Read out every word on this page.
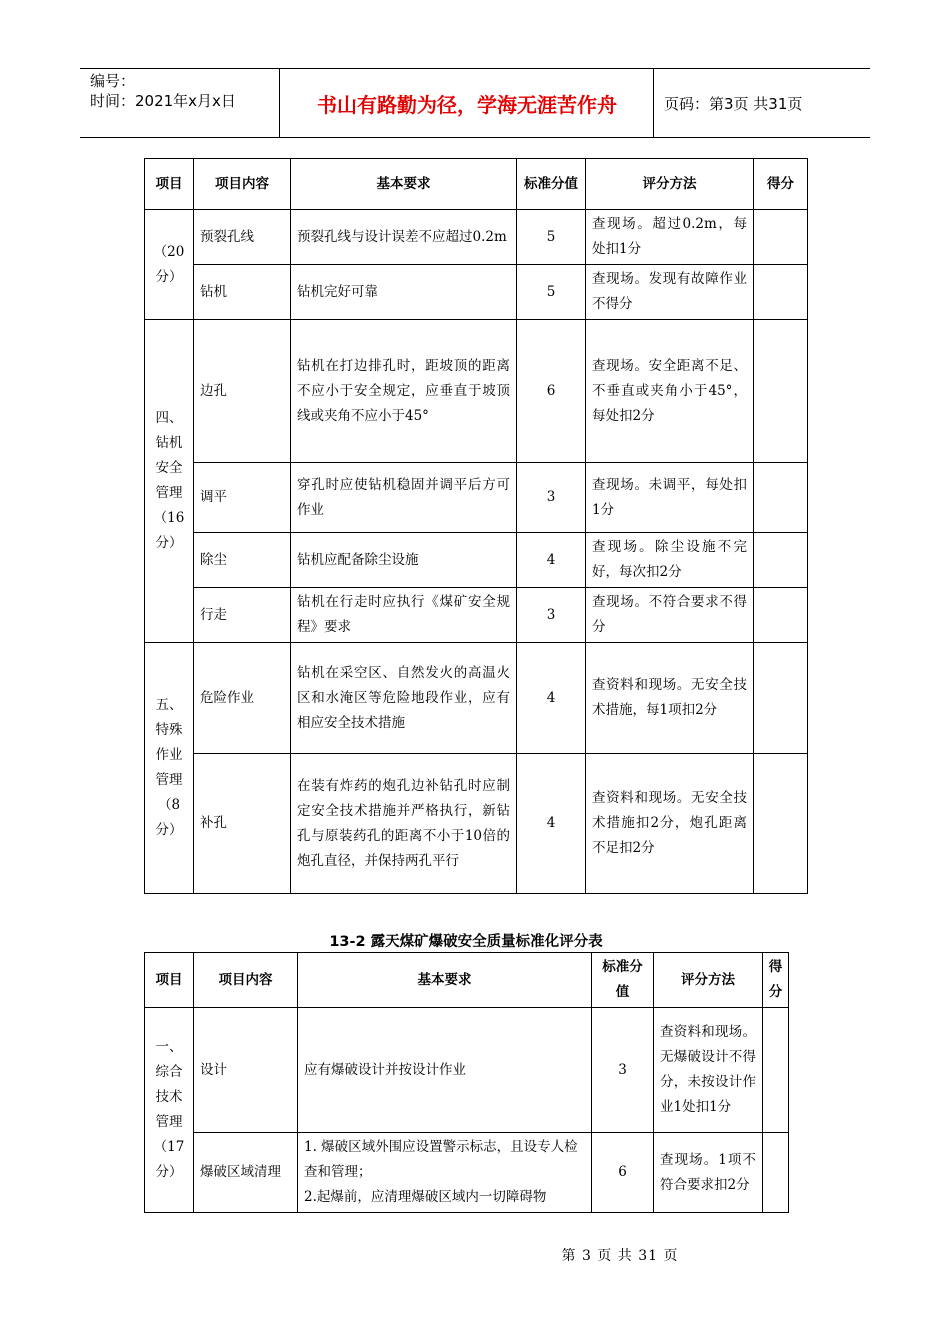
编号：
时间：2021年x月x日	书山有路勤为径，学海无涯苦作舟	页码：第3页 共31页
项目	项目内容	基本要求	标准分值	评分方法	得分
（20分）	预裂孔线	预裂孔线与设计误差不应超过0.2m	5	查现场。超过0.2m，每处扣1分	
	钻机	钻机完好可靠	5	查现场。发现有故障作业不得分	
四、钻机安全管理（16分）	边孔	钻机在打边排孔时，距坡顶的距离不应小于安全规定，应垂直于坡顶线或夹角不应小于45°	6	查现场。安全距离不足、不垂直或夹角小于45°，每处扣2分	
	调平	穿孔时应使钻机稳固并调平后方可作业	3	查现场。未调平，每处扣1分	
	除尘	钻机应配备除尘设施	4	查现场。除尘设施不完好，每次扣2分	
	行走	钻机在行走时应执行《煤矿安全规程》要求	3	查现场。不符合要求不得分	
五、特殊作业管理（8分）	危险作业	钻机在采空区、自然发火的高温火区和水淹区等危险地段作业，应有相应安全技术措施	4	查资料和现场。无安全技术措施，每1项扣2分	
	补孔	在装有炸药的炮孔边补钻孔时应制定安全技术措施并严格执行，新钻孔与原装药孔的距离不小于10倍的炮孔直径，并保持两孔平行	4	查资料和现场。无安全技术措施扣2分，炮孔距离不足扣2分	
13-2 露天煤矿爆破安全质量标准化评分表
项目	项目内容	基本要求	标准分值	评分方法	得分
一、综合技术管理（17分）	设计	应有爆破设计并按设计作业	3	查资料和现场。无爆破设计不得分，未按设计作业1处扣1分	
	爆破区域清理	1. 爆破区域外围应设置警示标志，且设专人检查和管理；
2.起爆前，应清理爆破区域内一切障碍物	6	查现场。1项不符合要求扣2分	
第 3 页 共 31 页
